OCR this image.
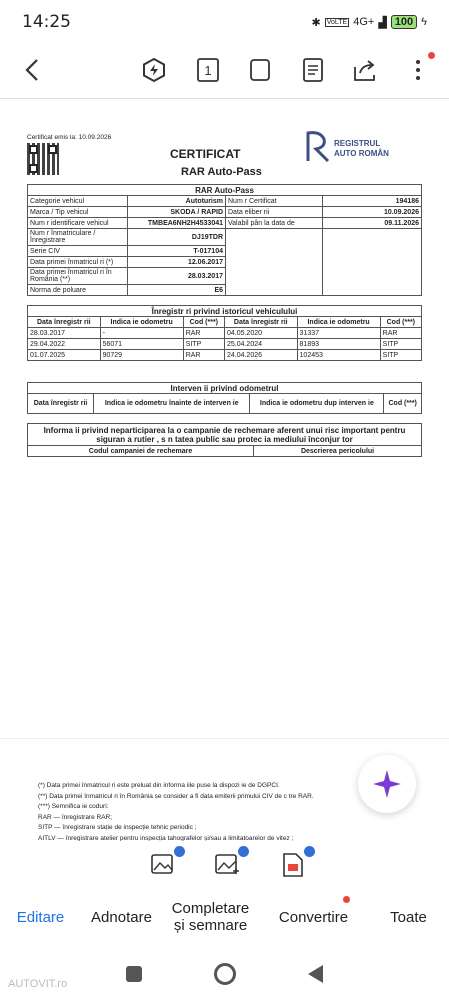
14:25	✱ VoLTE 4G+ ▟ 100 ϟ
1
Certificat emis la: 10.09.2026
CERTIFICAT
RAR Auto-Pass
REGISTRUL
AUTO ROMÂN
RAR Auto-Pass			
Categorie vehicul	Autoturism	Num r Certificat	194186
Marca / Tip vehicul	SKODA / RAPID	Data eliber rii	10.09.2026
Num r identificare vehicul	TMBEA6NH2H4533041	Valabil pân la data de	09.11.2026
Num r înmatriculare / înregistrare	DJ19TDR		
Serie CIV	T-017104		
Data primei înmatricul ri (*)	12.06.2017		
Data primei înmatricul ri în România (**)	28.03.2017		
Norma de poluare	E6		
Înregistr ri privind istoricul vehiculului					
Data înregistr rii	Indica ie odometru	Cod (***)	Data înregistr rii	Indica ie odometru	Cod (***)
28.03.2017	-	RAR	04.05.2020	31337	RAR
29.04.2022	56071	SITP	25.04.2024	81893	SITP
01.07.2025	90729	RAR	24.04.2026	102453	SITP
Interven ii privind odometrul
Data înregistr rii	Indica ie odometru înainte de interven ie	Indica ie odometru dup interven ie	Cod (***)
Informa ii privind neparticiparea la o campanie de rechemare aferent unui risc important pentru siguran a rutier , s n tatea public sau protec ia mediului înconjur tor
Codul campaniei de rechemare	Descrierea pericolului
(*) Data primei înmatricul ri este preluat din informa iile puse la dispozi ie de DGPCI.
(**) Data primei înmatricul ri în România se consider a fi data emiterii primului CIV de c tre RAR.
(***) Semnifica ie coduri:
RAR — înregistrare RAR;
SITP — înregistrare stație de inspecție tehnic periodic ;
AITLV — înregistrare atelier pentru inspecția tahografelor și/sau a limitatoarelor de vitez ;
Editare	Adnotare	Completare și semnare	Convertire	Toate
AUTOVIT.ro
